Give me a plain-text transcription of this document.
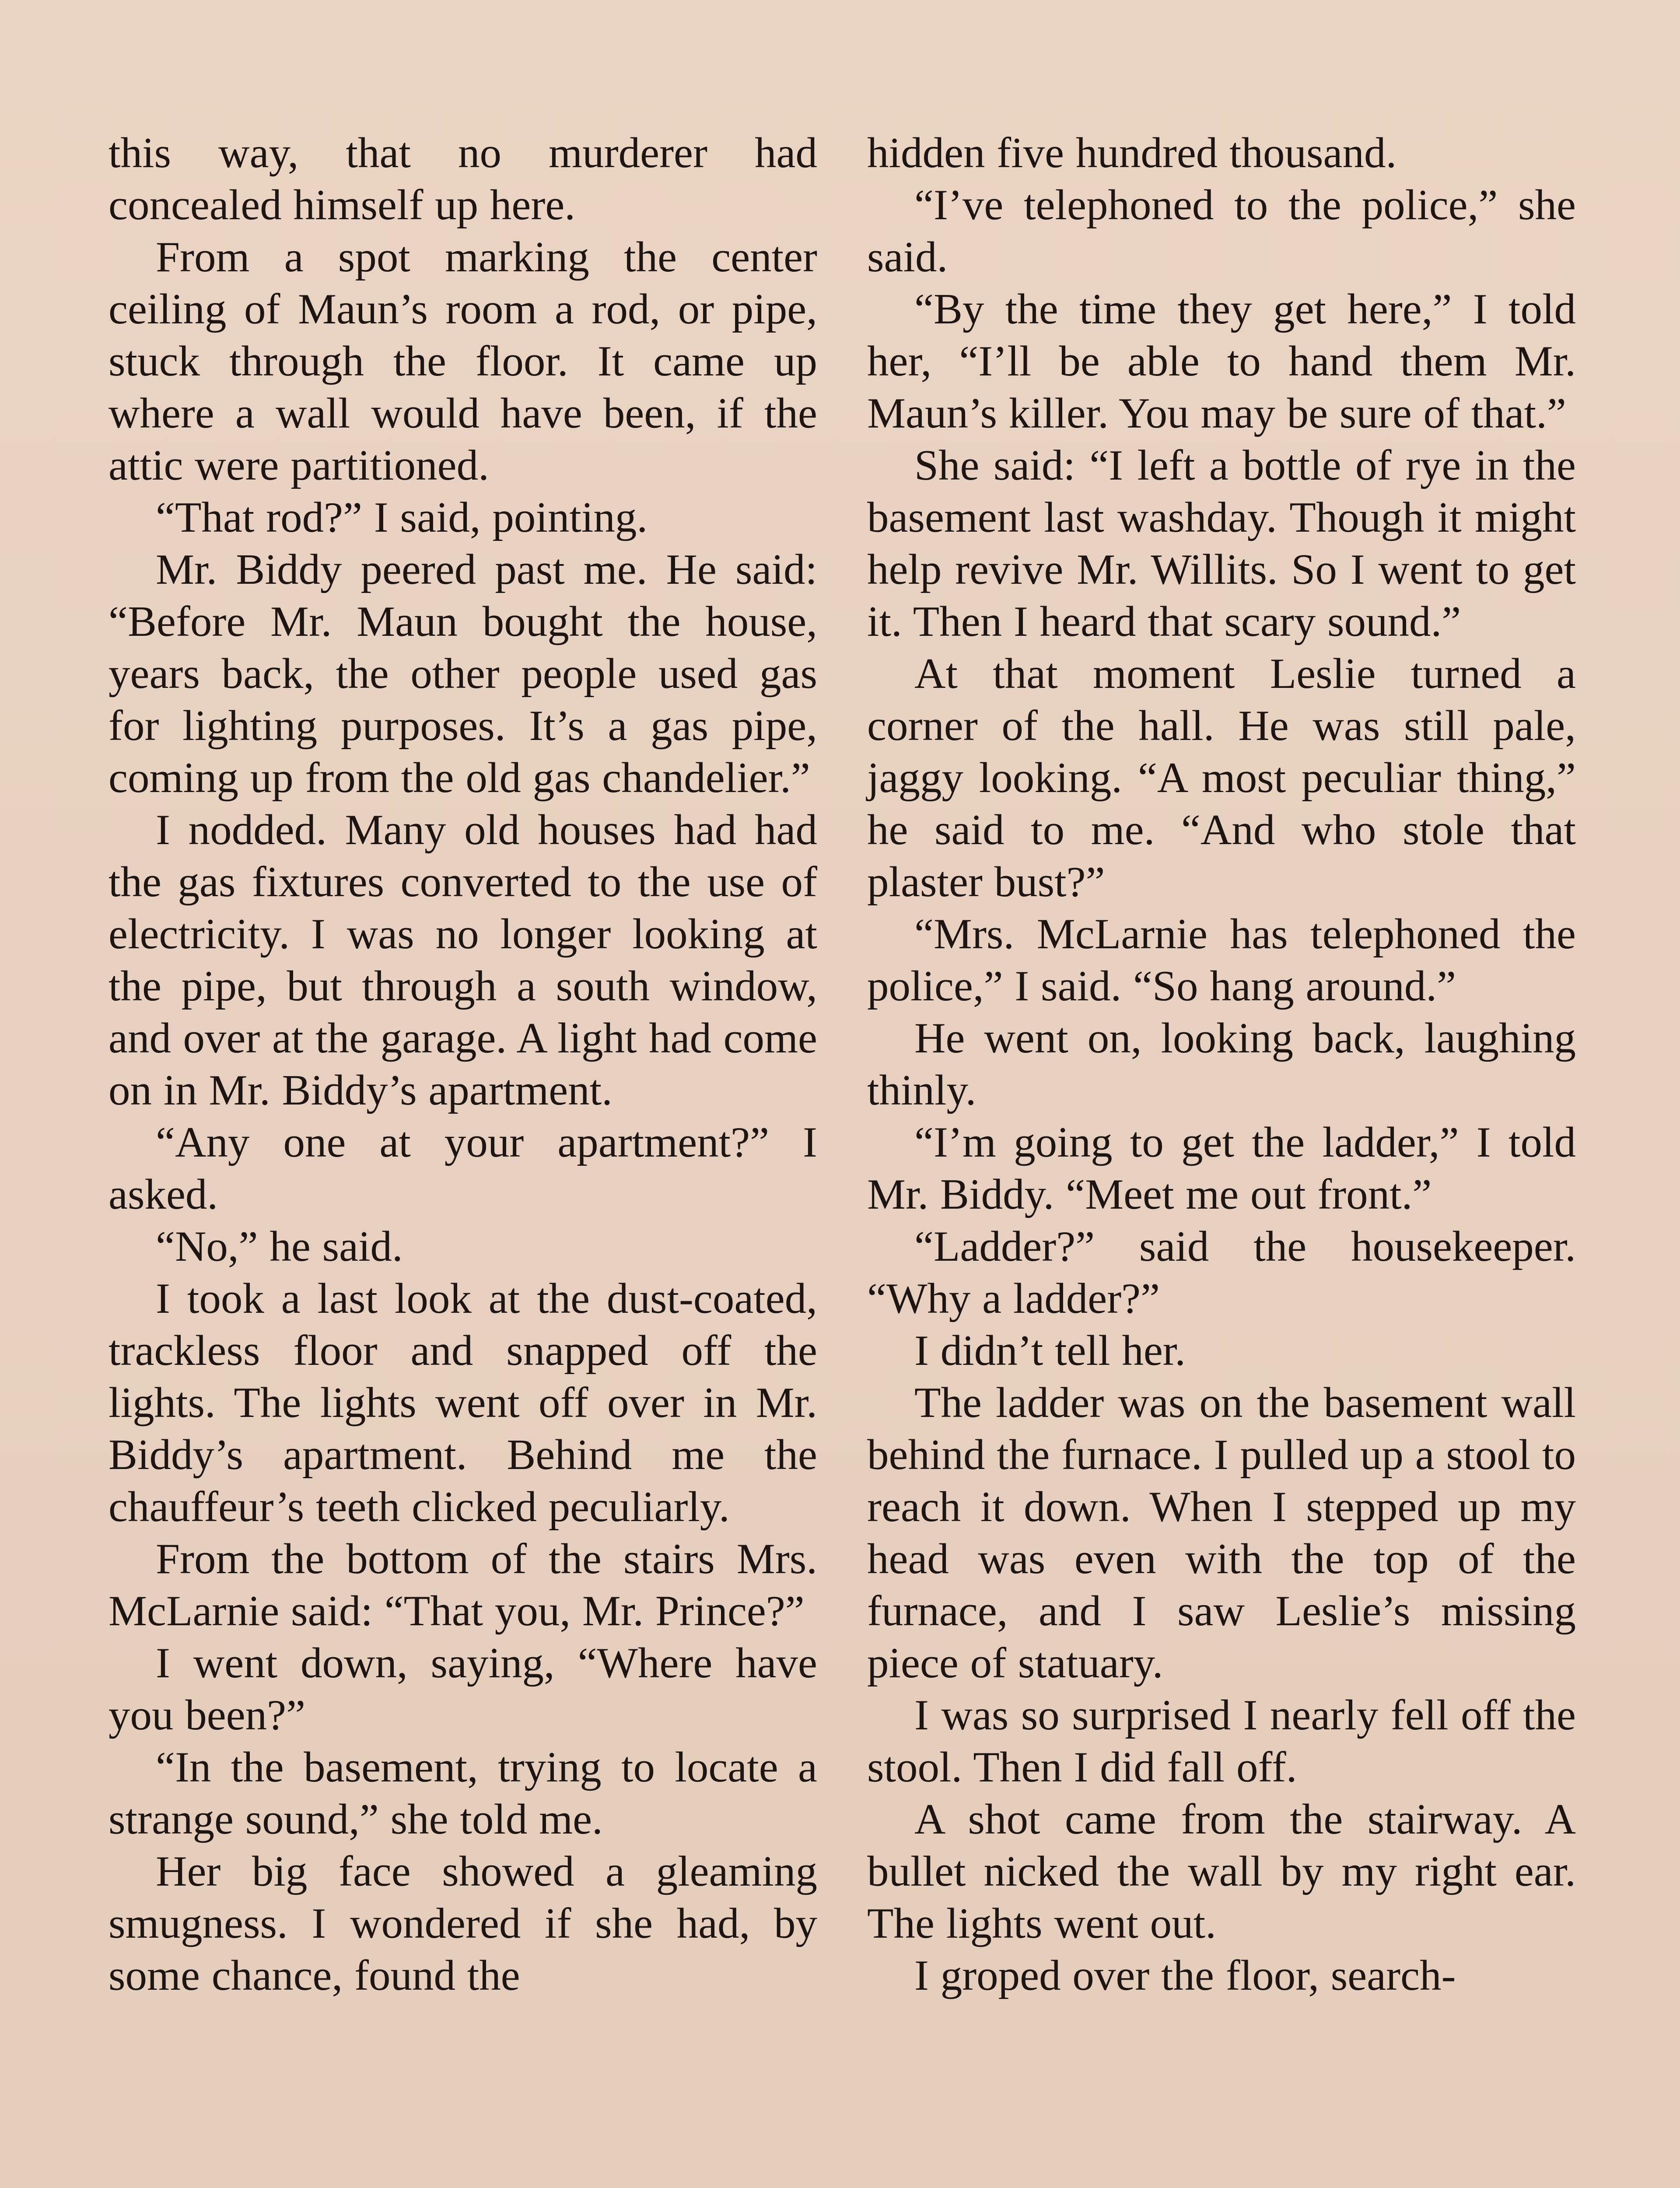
this way, that no murderer had concealed himself up here.

From a spot marking the center ceiling of Maun’s room a rod, or pipe, stuck through the floor. It came up where a wall would have been, if the attic were partitioned.

“That rod?” I said, pointing.

Mr. Biddy peered past me. He said: “Before Mr. Maun bought the house, years back, the other people used gas for lighting purposes. It’s a gas pipe, coming up from the old gas chandelier.”

I nodded. Many old houses had had the gas fixtures converted to the use of electricity. I was no longer looking at the pipe, but through a south window, and over at the garage. A light had come on in Mr. Biddy’s apartment.

“Any one at your apartment?” I asked.

“No,” he said.

I took a last look at the dust-coated, trackless floor and snapped off the lights. The lights went off over in Mr. Biddy’s apartment. Behind me the chauffeur’s teeth clicked peculiarly.

From the bottom of the stairs Mrs. McLarnie said: “That you, Mr. Prince?”

I went down, saying, “Where have you been?”

“In the basement, trying to locate a strange sound,” she told me.

Her big face showed a gleaming smugness. I wondered if she had, by some chance, found the

hidden five hundred thousand.

“I’ve telephoned to the police,” she said.

“By the time they get here,” I told her, “I’ll be able to hand them Mr. Maun’s killer. You may be sure of that.”

She said: “I left a bottle of rye in the basement last washday. Though it might help revive Mr. Willits. So I went to get it. Then I heard that scary sound.”

At that moment Leslie turned a corner of the hall. He was still pale, jaggy looking. “A most peculiar thing,” he said to me. “And who stole that plaster bust?”

“Mrs. McLarnie has telephoned the police,” I said. “So hang around.”

He went on, looking back, laughing thinly.

“I’m going to get the ladder,” I told Mr. Biddy. “Meet me out front.”

“Ladder?” said the housekeeper. “Why a ladder?”

I didn’t tell her.

The ladder was on the basement wall behind the furnace. I pulled up a stool to reach it down. When I stepped up my head was even with the top of the furnace, and I saw Leslie’s missing piece of statuary.

I was so surprised I nearly fell off the stool. Then I did fall off.

A shot came from the stairway. A bullet nicked the wall by my right ear. The lights went out.

I groped over the floor, search-
